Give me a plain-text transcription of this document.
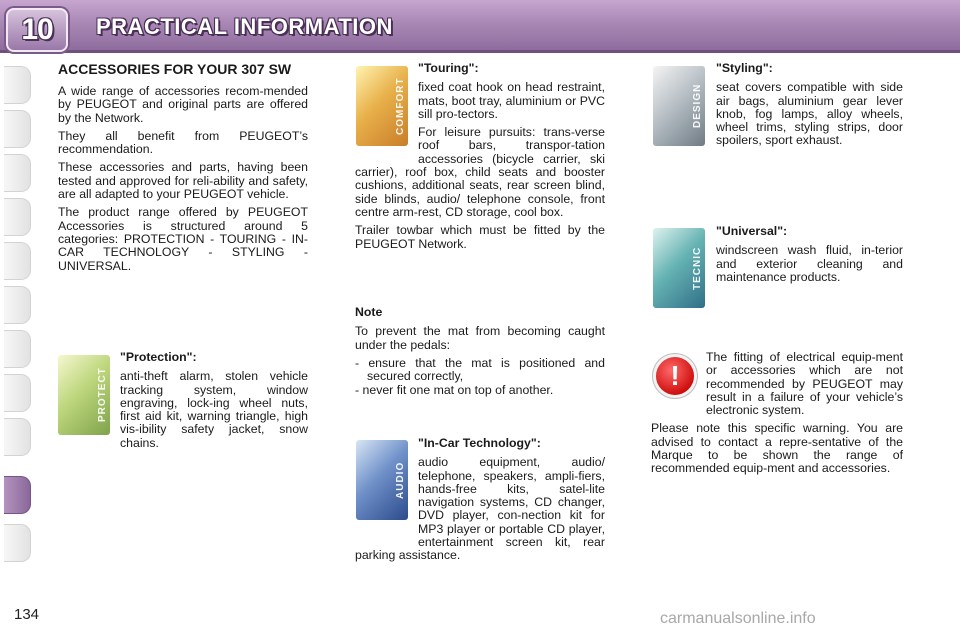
10 PRACTICAL INFORMATION
ACCESSORIES FOR YOUR 307 SW

A wide range of accessories recom-mended by PEUGEOT and original parts are offered by the Network.

They all benefit from PEUGEOT’s recommendation.

These accessories and parts, having been tested and approved for reli-ability and safety, are all adapted to your PEUGEOT vehicle.

The product range offered by PEUGEOT Accessories is structured around 5 categories: PROTECTION - TOURING - IN-CAR TECHNOLOGY - STYLING - UNIVERSAL.

PROTECT
"Protection":

anti-theft alarm, stolen vehicle tracking system, window engraving, lock-ing wheel nuts, first aid kit, warning triangle, high vis-ibility safety jacket, snow chains.

COMFORT
"Touring":

fixed coat hook on head restraint, mats, boot tray, aluminium or PVC sill pro-tectors.

For leisure pursuits: trans-verse roof bars, transpor-tation accessories (bicycle carrier, ski carrier), roof box, child seats and booster cushions, additional seats, rear screen blind, side blinds, audio/ telephone console, front centre arm-rest, CD storage, cool box.

Trailer towbar which must be fitted by the PEUGEOT Network.

Note

To prevent the mat from becoming caught under the pedals:

- ensure that the mat is positioned and secured correctly,

- never fit one mat on top of another.

AUDIO
"In-Car Technology":

audio equipment, audio/ telephone, speakers, ampli-fiers, hands-free kits, satel-lite navigation systems, CD changer, DVD player, con-nection kit for MP3 player or portable CD player, entertainment screen kit, rear parking assistance.

DESIGN
"Styling":

seat covers compatible with side air bags, aluminium gear lever knob, fog lamps, alloy wheels, wheel trims, styling strips, door spoilers, sport exhaust.

TECNIC
"Universal":

windscreen wash fluid, in-terior and exterior cleaning and maintenance products.

!

The fitting of electrical equip-ment or accessories which are not recommended by PEUGEOT may result in a failure of your vehicle’s electronic system.

Please note this specific warning. You are advised to contact a repre-sentative of the Marque to be shown the range of recommended equip-ment and accessories.

134	carmanualsonline.info
